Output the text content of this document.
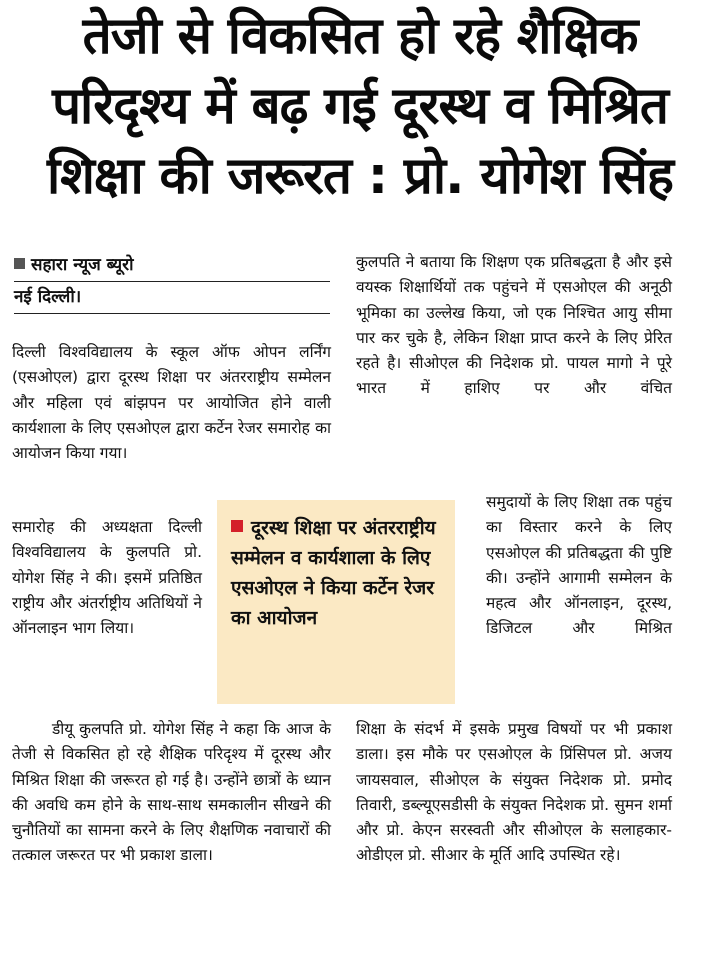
तेजी से विकसित हो रहे शैक्षिक
परिदृश्य में बढ़ गई दूरस्थ व मिश्रित
शिक्षा की जरूरत : प्रो. योगेश सिंह
सहारा न्यूज ब्यूरो
नई दिल्ली।

दिल्ली विश्वविद्यालय के स्कूल ऑफ ओपन लर्निंग (एसओएल) द्वारा दूरस्थ शिक्षा पर अंतरराष्ट्रीय सम्मेलन और महिला एवं बांझपन पर आयोजित होने वाली कार्यशाला के लिए एसओएल द्वारा कर्टेन रेजर समारोह का आयोजन किया गया।

समारोह की अध्यक्षता दिल्ली विश्वविद्यालय के कुलपति प्रो. योगेश सिंह ने की। इसमें प्रतिष्ठित राष्ट्रीय और अंतर्राष्ट्रीय अतिथियों ने ऑनलाइन भाग लिया।

डीयू कुलपति प्रो. योगेश सिंह ने कहा कि आज के तेजी से विकसित हो रहे शैक्षिक परिदृश्य में दूरस्थ और मिश्रित शिक्षा की जरूरत हो गई है। उन्होंने छात्रों के ध्यान की अवधि कम होने के साथ-साथ समकालीन सीखने की चुनौतियों का सामना करने के लिए शैक्षणिक नवाचारों की तत्काल जरूरत पर भी प्रकाश डाला।

कुलपति ने बताया कि शिक्षण एक प्रतिबद्धता है और इसे वयस्क शिक्षार्थियों तक पहुंचने में एसओएल की अनूठी भूमिका का उल्लेख किया, जो एक निश्चित आयु सीमा पार कर चुके है, लेकिन शिक्षा प्राप्त करने के लिए प्रेरित रहते है। सीओएल की निदेशक प्रो. पायल मागो ने पूरे भारत में हाशिए पर और वंचित

समुदायों के लिए शिक्षा तक पहुंच का विस्तार करने के लिए एसओएल की प्रतिबद्धता की पुष्टि की। उन्होंने आगामी सम्मेलन के महत्व और ऑनलाइन, दूरस्थ, डिजिटल और मिश्रित

शिक्षा के संदर्भ में इसके प्रमुख विषयों पर भी प्रकाश डाला। इस मौके पर एसओएल के प्रिंसिपल प्रो. अजय जायसवाल, सीओएल के संयुक्त निदेशक प्रो. प्रमोद तिवारी, डब्ल्यूएसडीसी के संयुक्त निदेशक प्रो. सुमन शर्मा और प्रो. केएन सरस्वती और सीओएल के सलाहकार-ओडीएल प्रो. सीआर के मूर्ति आदि उपस्थित रहे।

दूरस्थ शिक्षा पर अंतरराष्ट्रीय सम्मेलन व कार्यशाला के लिए एसओएल ने किया कर्टेन रेजर का आयोजन
